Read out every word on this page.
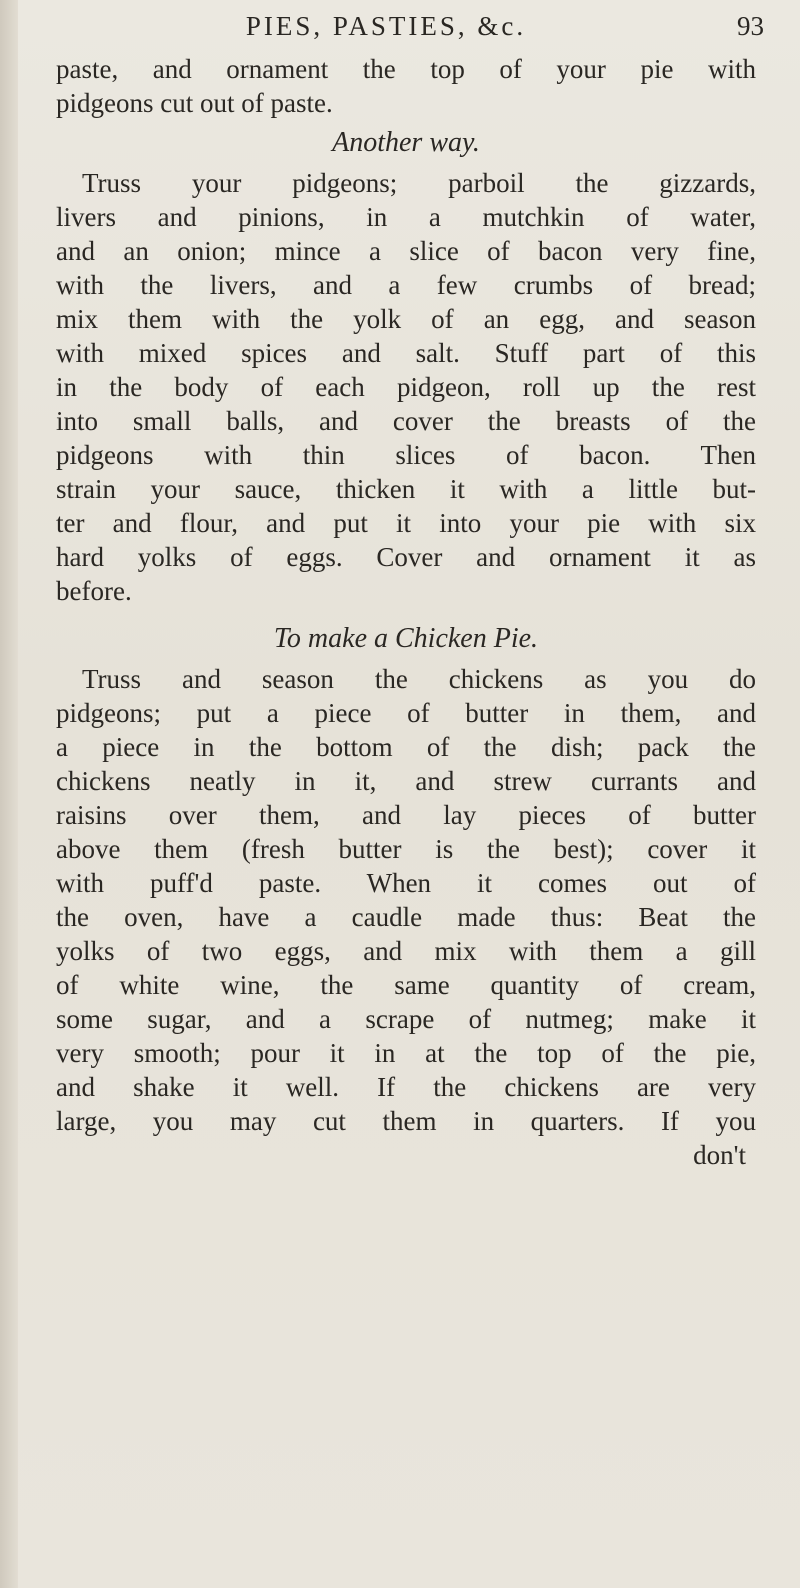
PIES, PASTIES, &c.	93
paste, and ornament the top of your pie with
pidgeons cut out of paste.
Another way.
Truss your pidgeons; parboil the gizzards,
livers and pinions, in a mutchkin of water,
and an onion; mince a slice of bacon very fine,
with the livers, and a few crumbs of bread;
mix them with the yolk of an egg, and season
with mixed spices and salt. Stuff part of this
in the body of each pidgeon, roll up the rest
into small balls, and cover the breasts of the
pidgeons with thin slices of bacon. Then
strain your sauce, thicken it with a little but-
ter and flour, and put it into your pie with six
hard yolks of eggs. Cover and ornament it as
before.
To make a Chicken Pie.
Truss and season the chickens as you do
pidgeons; put a piece of butter in them, and
a piece in the bottom of the dish; pack the
chickens neatly in it, and strew currants and
raisins over them, and lay pieces of butter
above them (fresh butter is the best); cover it
with puff'd paste. When it comes out of
the oven, have a caudle made thus: Beat the
yolks of two eggs, and mix with them a gill
of white wine, the same quantity of cream,
some sugar, and a scrape of nutmeg; make it
very smooth; pour it in at the top of the pie,
and shake it well. If the chickens are very
large, you may cut them in quarters. If you
don't
